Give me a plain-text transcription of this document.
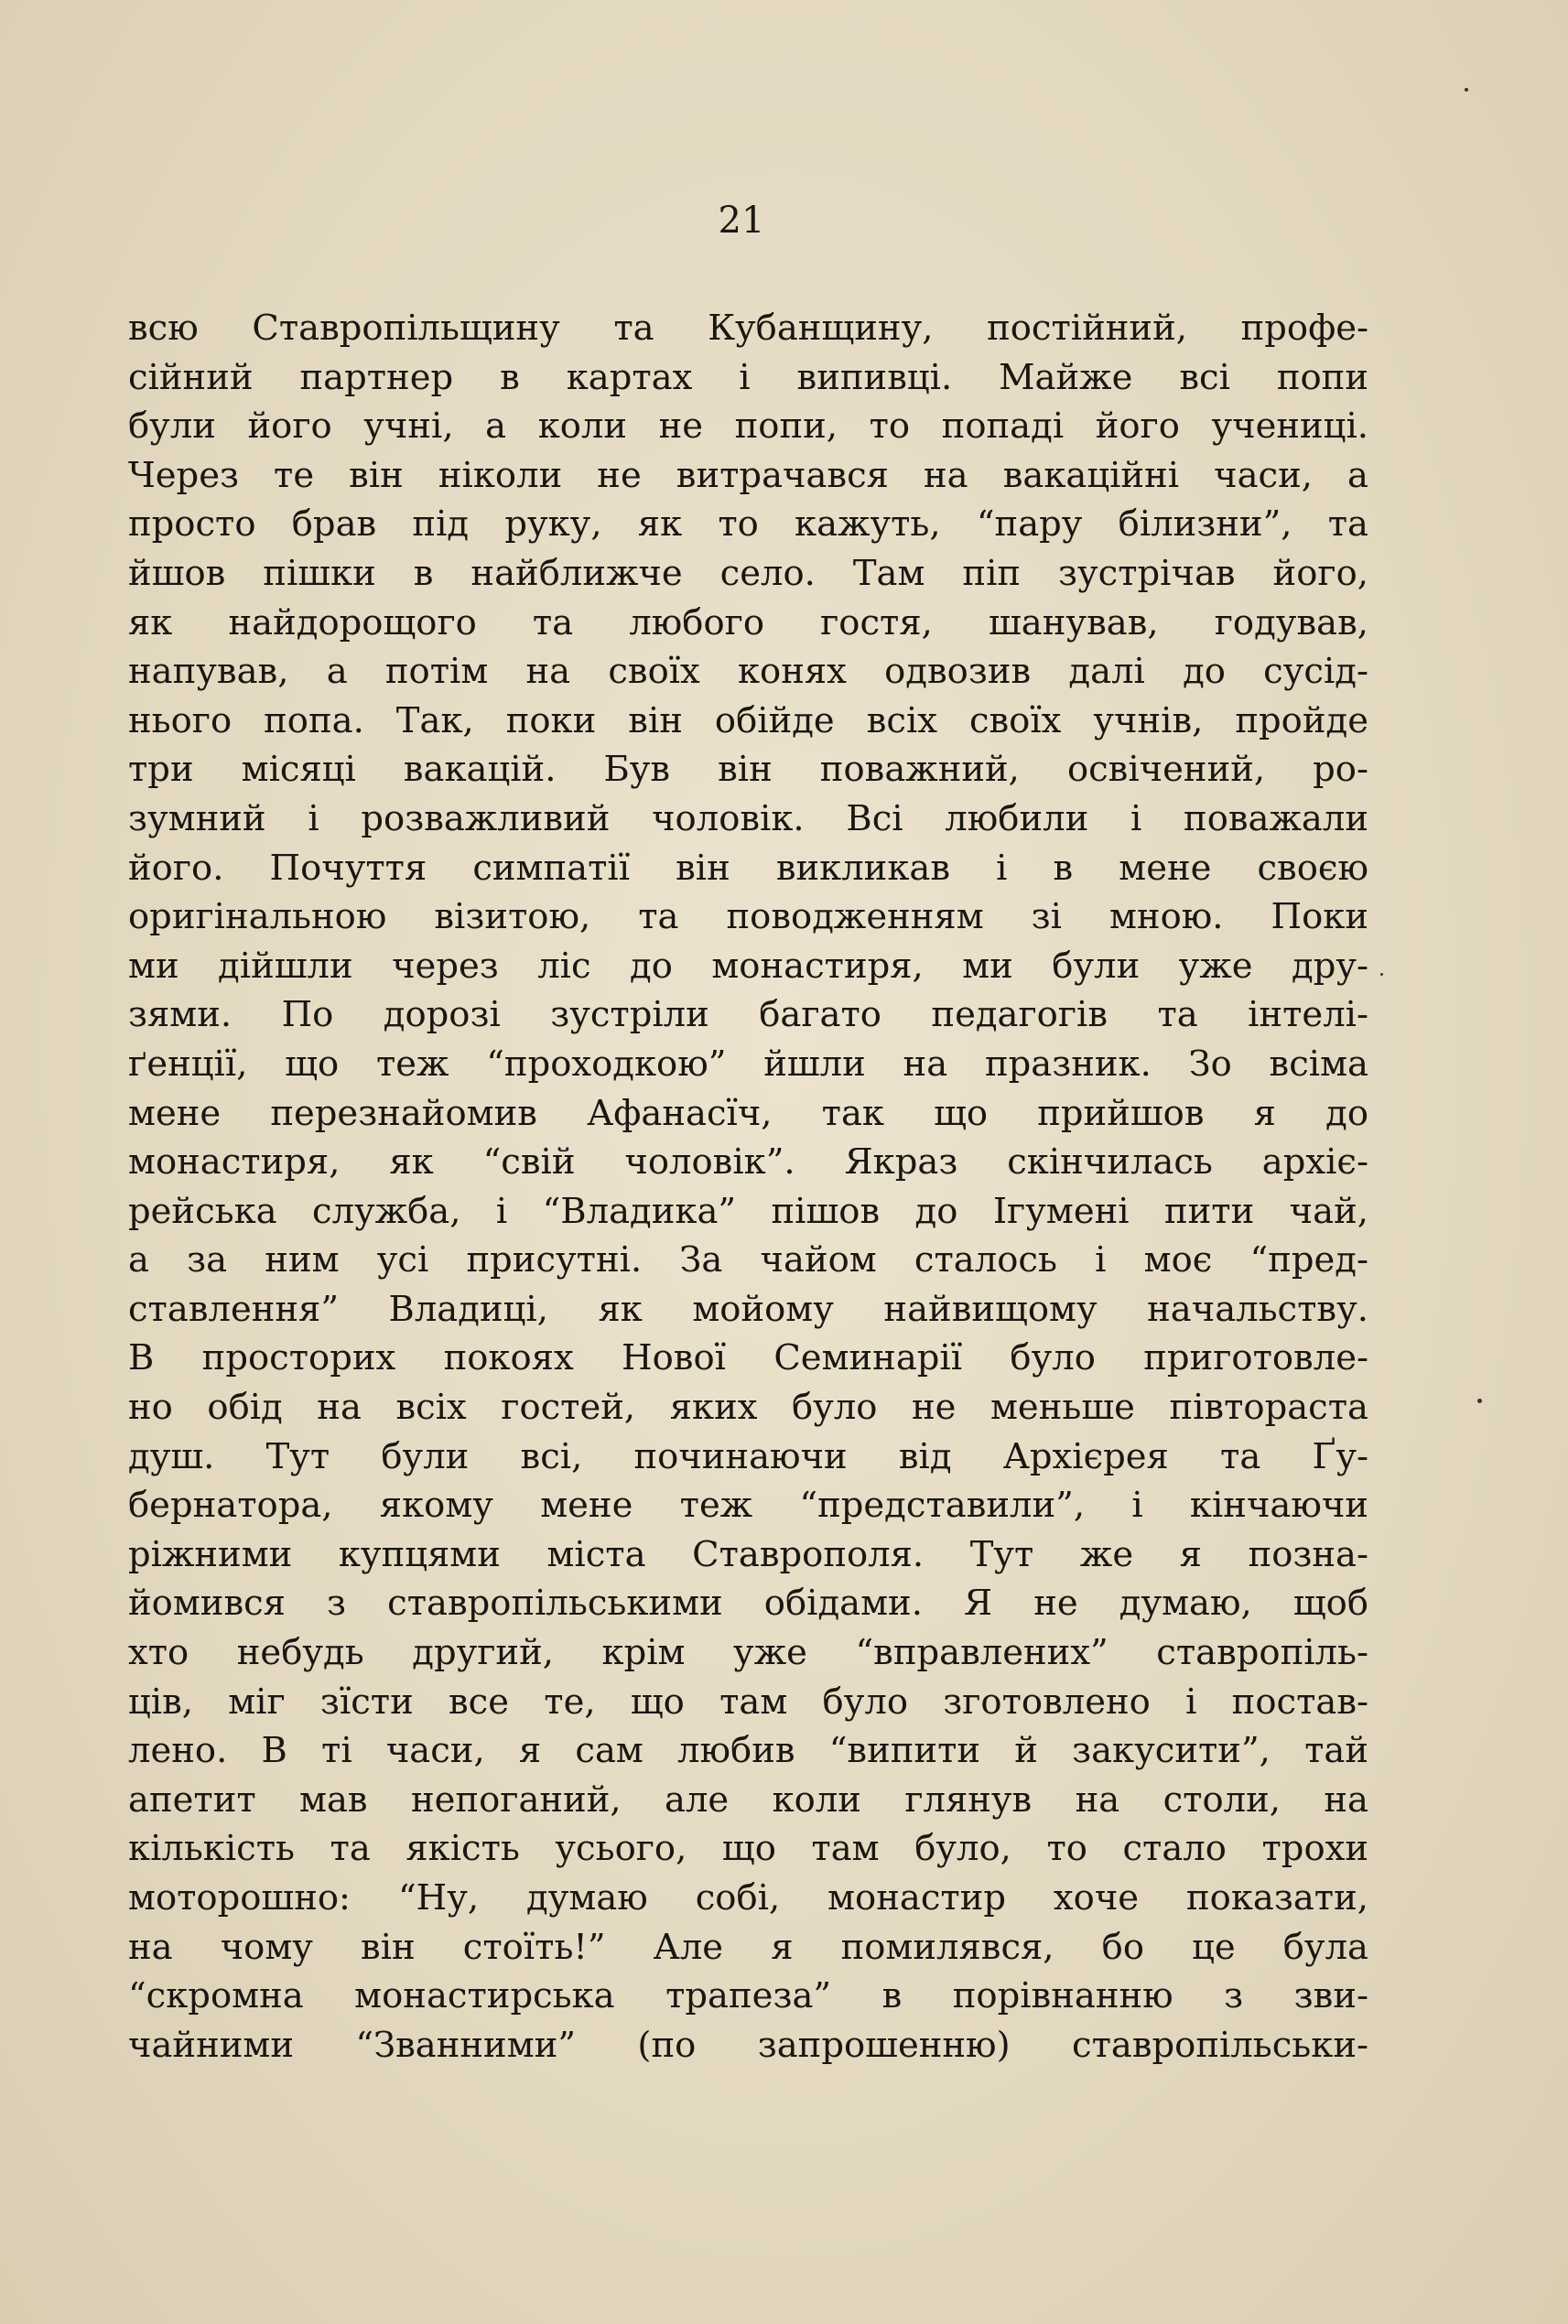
21
всю Ставропільщину та Кубанщину, постійний, профе-
сійний партнер в картах і випивці. Майже всі попи
були його учні, а коли не попи, то попаді його учениці.
Через те він ніколи не витрачався на вакаційні часи, а
просто брав під руку, як то кажуть, “пару білизни”, та
йшов пішки в найближче село. Там піп зустрічав його,
як найдорощого та любого гостя, шанував, годував,
напував, а потім на своїх конях одвозив далі до сусід-
нього попа. Так, поки він обійде всіх своїх учнів, пройде
три місяці вакацій. Був він поважний, освічений, ро-
зумний і розважливий чоловік. Всі любили і поважали
його. Почуття симпатії він викликав і в мене своєю
оригінальною візитою, та поводженням зі мною. Поки
ми дійшли через ліс до монастиря, ми були уже дру-
зями. По дорозі зустріли багато педагогів та інтелі-
ґенції, що теж “проходкою” йшли на празник. Зо всіма
мене перезнайомив Афанасїч, так що прийшов я до
монастиря, як “свій чоловік”. Якраз скінчилась архіє-
рейська служба, і “Владика” пішов до Ігумені пити чай,
а за ним усі присутні. За чайом сталось і моє “пред-
ставлення” Владиці, як мойому найвищому начальству.
В просторих покоях Нової Семинарії було приготовле-
но обід на всіх гостей, яких було не меньше півтораста
душ. Тут були всі, починаючи від Архієрея та Ґу-
бернатора, якому мене теж “представили”, і кінчаючи
ріжними купцями міста Ставрополя. Тут же я позна-
йомився з ставропільськими обідами. Я не думаю, щоб
хто небудь другий, крім уже “вправлених” ставропіль-
ців, міг зїсти все те, що там було зготовлено і постав-
лено. В ті часи, я сам любив “випити й закусити”, тай
апетит мав непоганий, але коли глянув на столи, на
кількість та якість усього, що там було, то стало трохи
моторошно: “Ну, думаю собі, монастир хоче показати,
на чому він стоїть!” Але я помилявся, бо це була
“скромна монастирська трапеза” в порівнанню з зви-
чайними “Званними” (по запрошенню) ставропільськи-
